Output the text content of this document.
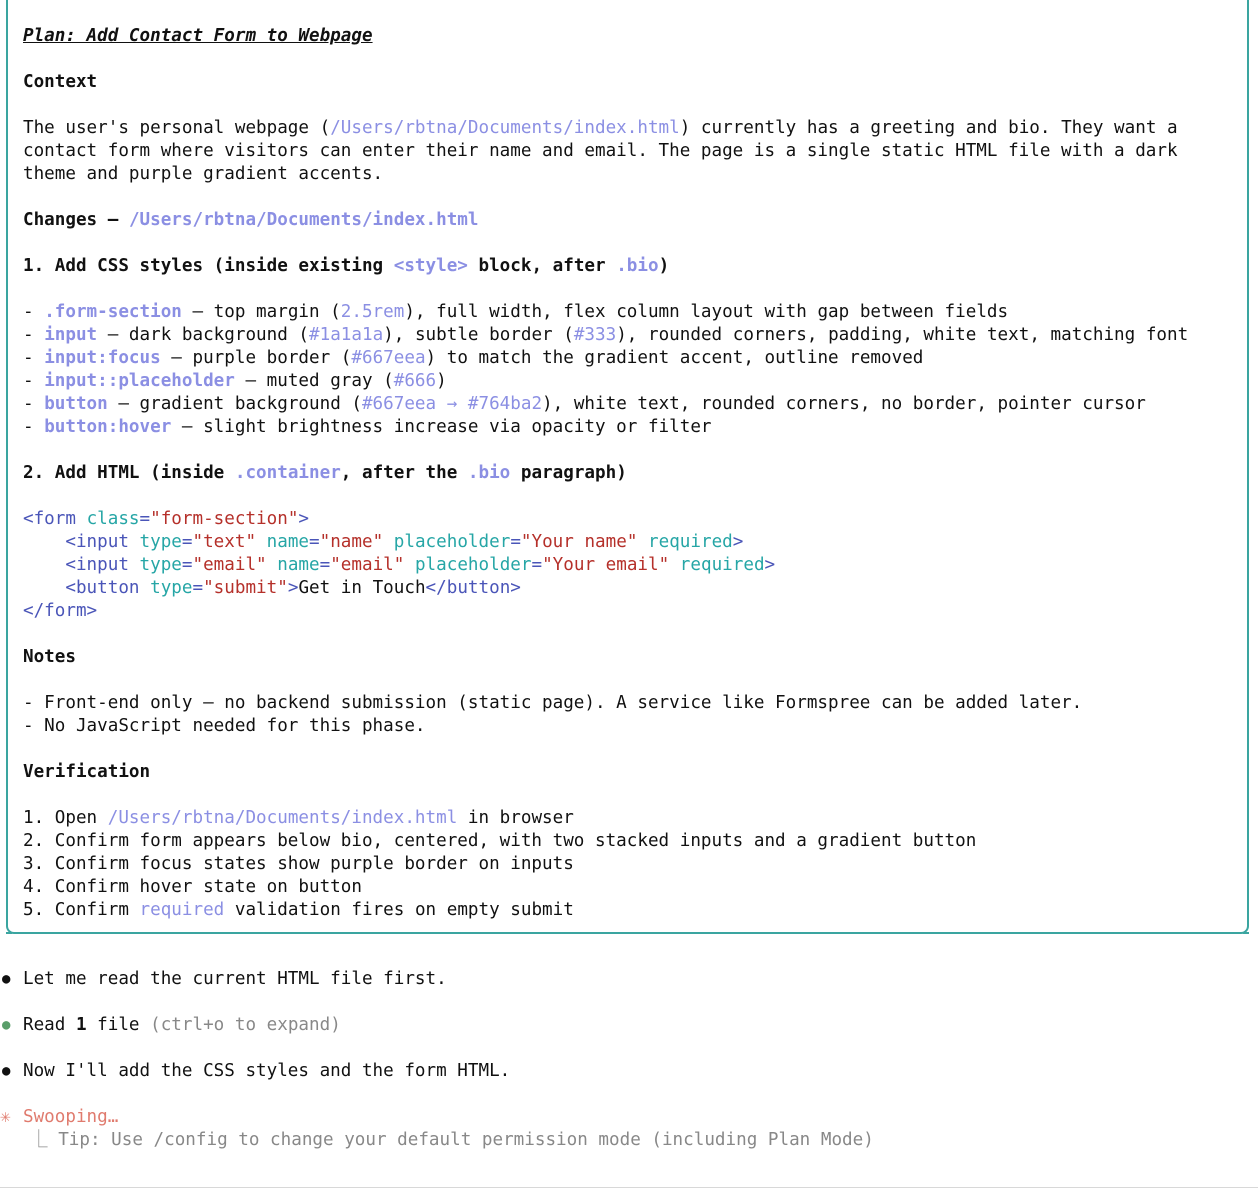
Plan: Add Contact Form to Webpage
Context
The user's personal webpage (/Users/rbtna/Documents/index.html) currently has a greeting and bio. They want a
contact form where visitors can enter their name and email. The page is a single static HTML file with a dark
theme and purple gradient accents.
Changes — /Users/rbtna/Documents/index.html
1. Add CSS styles (inside existing <style> block, after .bio)
- .form-section — top margin (2.5rem), full width, flex column layout with gap between fields
- input — dark background (#1a1a1a), subtle border (#333), rounded corners, padding, white text, matching font
- input:focus — purple border (#667eea) to match the gradient accent, outline removed
- input::placeholder — muted gray (#666)
- button — gradient background (#667eea → #764ba2), white text, rounded corners, no border, pointer cursor
- button:hover — slight brightness increase via opacity or filter
2. Add HTML (inside .container, after the .bio paragraph)
<form class="form-section">
<input type="text" name="name" placeholder="Your name" required>
<input type="email" name="email" placeholder="Your email" required>
<button type="submit">Get in Touch</button>
</form>
Notes
- Front-end only — no backend submission (static page). A service like Formspree can be added later.
- No JavaScript needed for this phase.
Verification
1. Open /Users/rbtna/Documents/index.html in browser
2. Confirm form appears below bio, centered, with two stacked inputs and a gradient button
3. Confirm focus states show purple border on inputs
4. Confirm hover state on button
5. Confirm required validation fires on empty submit
● Let me read the current HTML file first.
● Read 1 file (ctrl+o to expand)
● Now I'll add the CSS styles and the form HTML.
✳ Swooping…
⎿ Tip: Use /config to change your default permission mode (including Plan Mode)
